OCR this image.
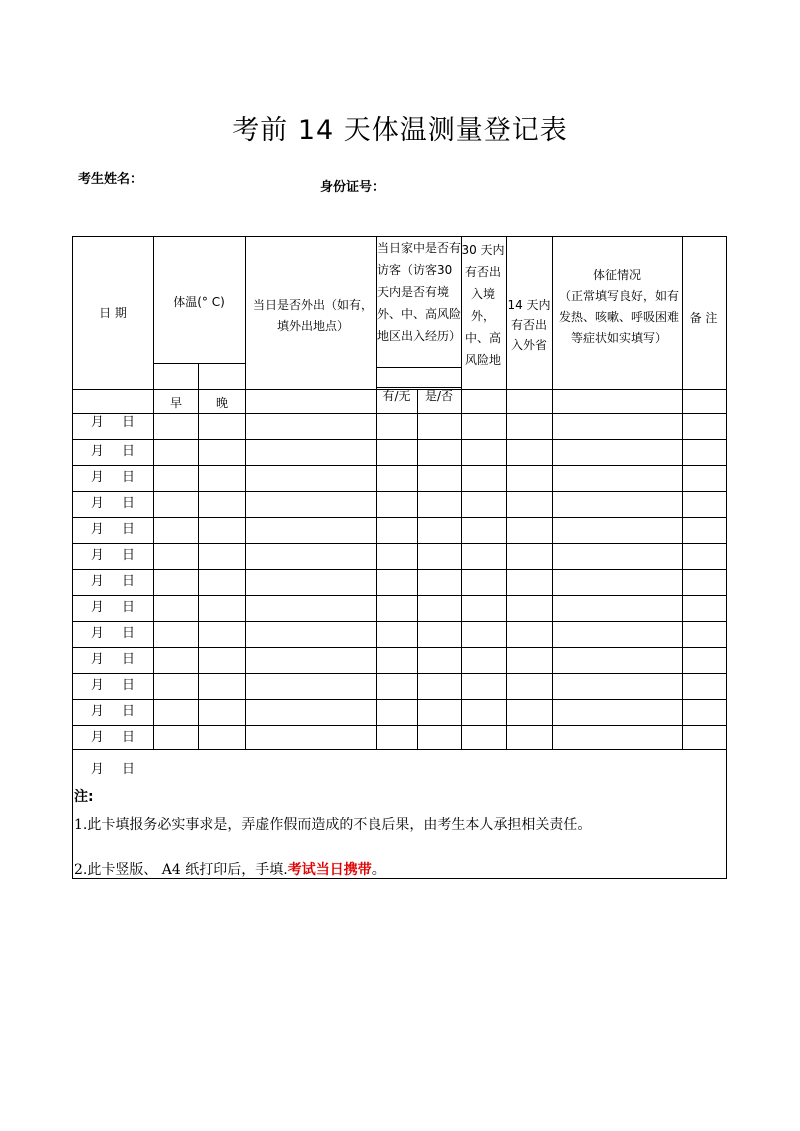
考前 14 天体温测量登记表
考生姓名：
身份证号：
日 期
体温(° C)
早	晚
当日是否外出（如有，填外出地点）
当日家中是否有访客（访客30 天内是否有境外、中、高风险地区出入经历）
有/无	是/否
30 天内有否出入境外，中、高风险地
14 天内有否出入外省
体征情况
（正常填写良好，如有发热、咳嗽、呼吸困难等症状如实填写）
备 注
月 日
月 日
月 日
月 日
月 日
月 日
月 日
月 日
月 日
月 日
月 日
月 日
月 日
月 日
注:
1.此卡填报务必实事求是，弄虚作假而造成的不良后果，由考生本人承担相关责任。
2.此卡竖版、 A4 纸打印后，手填.考试当日携带。
